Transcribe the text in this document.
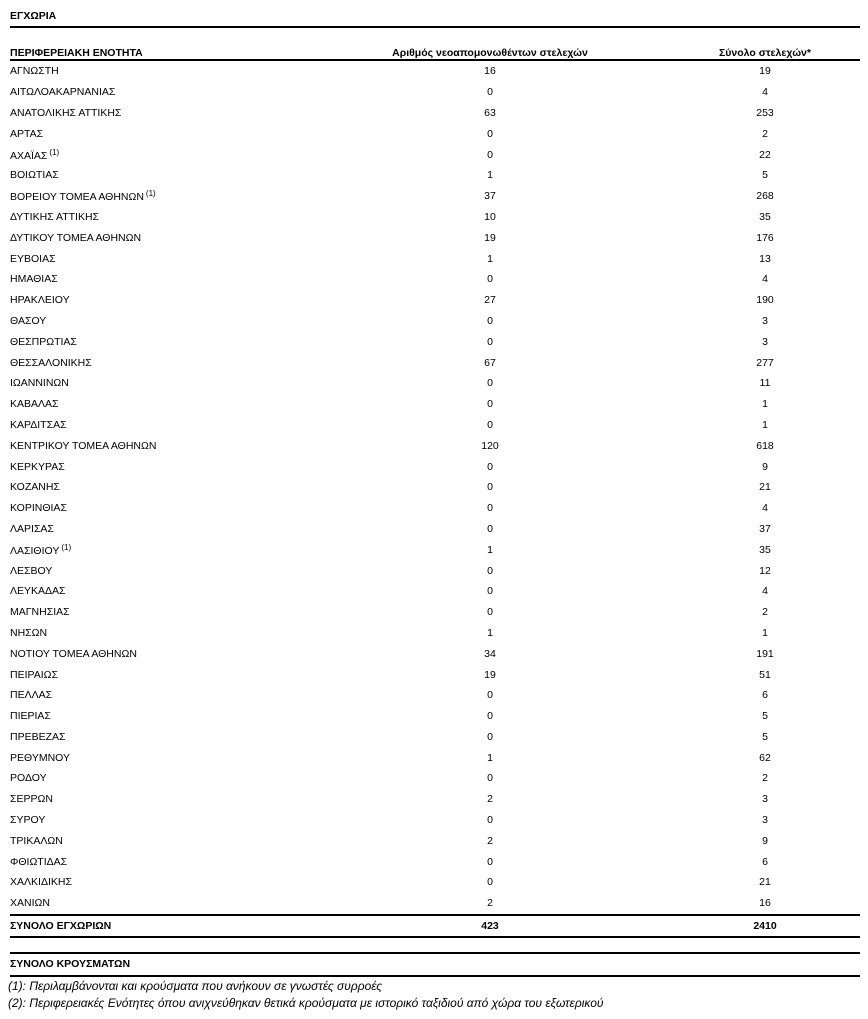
ΕΓΧΩΡΙΑ
ΠΕΡΙΦΕΡΕΙΑΚΗ ΕΝΟΤΗΤΑ	Αριθμός νεοαπομονωθέντων στελεχών	Σύνολο στελεχών*
ΑΓΝΩΣΤΗ	16	19
ΑΙΤΩΛΟΑΚΑΡΝΑΝΙΑΣ	0	4
ΑΝΑΤΟΛΙΚΗΣ ΑΤΤΙΚΗΣ	63	253
ΑΡΤΑΣ	0	2
ΑΧΑΪΑΣ $^{(1)}$	0	22
ΒΟΙΩΤΙΑΣ	1	5
ΒΟΡΕΙΟΥ ΤΟΜΕΑ ΑΘΗΝΩΝ $^{(1)}$	37	268
ΔΥΤΙΚΗΣ ΑΤΤΙΚΗΣ	10	35
ΔΥΤΙΚΟΥ ΤΟΜΕΑ ΑΘΗΝΩΝ	19	176
ΕΥΒΟΙΑΣ	1	13
ΗΜΑΘΙΑΣ	0	4
ΗΡΑΚΛΕΙΟΥ	27	190
ΘΑΣΟΥ	0	3
ΘΕΣΠΡΩΤΙΑΣ	0	3
ΘΕΣΣΑΛΟΝΙΚΗΣ	67	277
ΙΩΑΝΝΙΝΩΝ	0	11
ΚΑΒΑΛΑΣ	0	1
ΚΑΡΔΙΤΣΑΣ	0	1
ΚΕΝΤΡΙΚΟΥ ΤΟΜΕΑ ΑΘΗΝΩΝ	120	618
ΚΕΡΚΥΡΑΣ	0	9
ΚΟΖΑΝΗΣ	0	21
ΚΟΡΙΝΘΙΑΣ	0	4
ΛΑΡΙΣΑΣ	0	37
ΛΑΣΙΘΙΟΥ $^{(1)}$	1	35
ΛΕΣΒΟΥ	0	12
ΛΕΥΚΑΔΑΣ	0	4
ΜΑΓΝΗΣΙΑΣ	0	2
ΝΗΣΩΝ	1	1
ΝΟΤΙΟΥ ΤΟΜΕΑ ΑΘΗΝΩΝ	34	191
ΠΕΙΡΑΙΩΣ	19	51
ΠΕΛΛΑΣ	0	6
ΠΙΕΡΙΑΣ	0	5
ΠΡΕΒΕΖΑΣ	0	5
ΡΕΘΥΜΝΟΥ	1	62
ΡΟΔΟΥ	0	2
ΣΕΡΡΩΝ	2	3
ΣΥΡΟΥ	0	3
ΤΡΙΚΑΛΩΝ	2	9
ΦΘΙΩΤΙΔΑΣ	0	6
ΧΑΛΚΙΔΙΚΗΣ	0	21
ΧΑΝΙΩΝ	2	16
ΣΥΝΟΛΟ ΕΓΧΩΡΙΩΝ	423	2410
ΣΥΝΟΛΟ ΚΡΟΥΣΜΑΤΩΝ
(1): Περιλαμβάνονται και κρούσματα που ανήκουν σε γνωστές συρροές
(2): Περιφερειακές Ενότητες όπου ανιχνεύθηκαν θετικά κρούσματα με ιστορικό ταξιδιού από χώρα του εξωτερικού
